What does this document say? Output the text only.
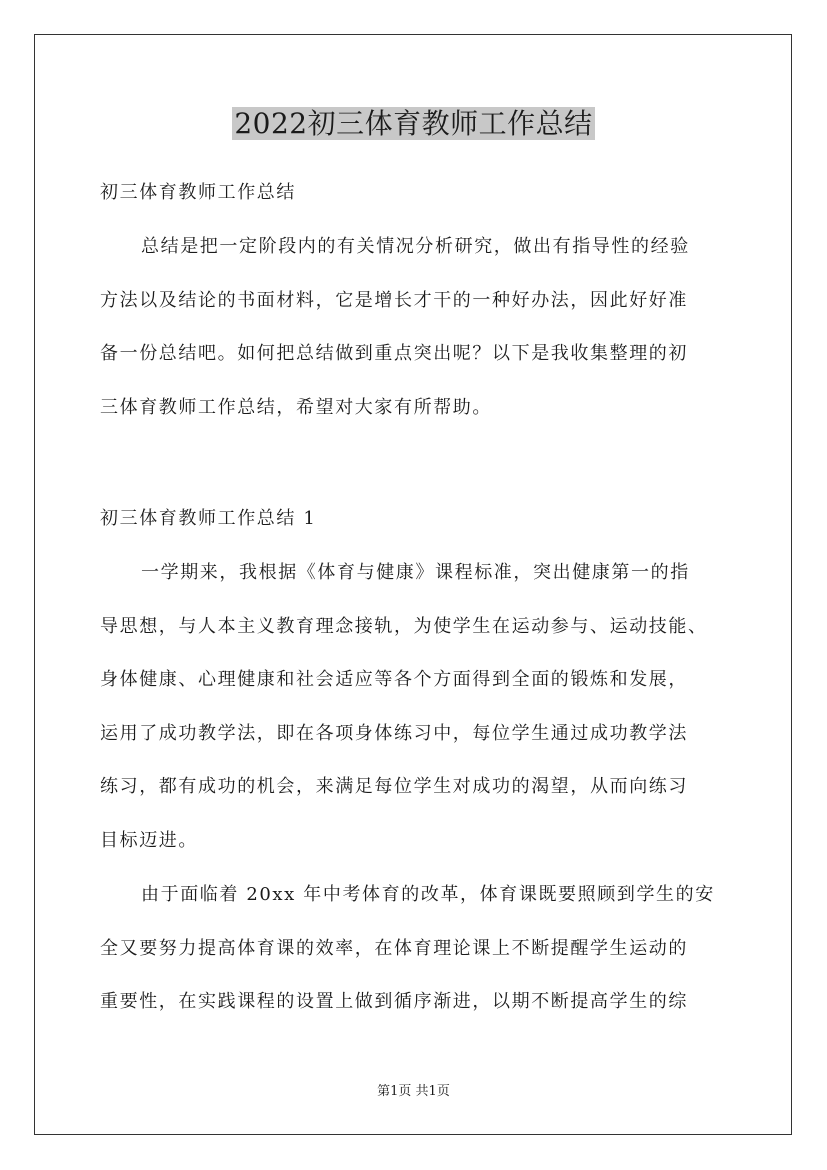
2022初三体育教师工作总结
初三体育教师工作总结
总结是把一定阶段内的有关情况分析研究，做出有指导性的经验
方法以及结论的书面材料，它是增长才干的一种好办法，因此好好准
备一份总结吧。如何把总结做到重点突出呢？以下是我收集整理的初
三体育教师工作总结，希望对大家有所帮助。
初三体育教师工作总结 1
一学期来，我根据《体育与健康》课程标准，突出健康第一的指
导思想，与人本主义教育理念接轨，为使学生在运动参与、运动技能、
身体健康、心理健康和社会适应等各个方面得到全面的锻炼和发展，
运用了成功教学法，即在各项身体练习中，每位学生通过成功教学法
练习，都有成功的机会，来满足每位学生对成功的渴望，从而向练习
目标迈进。
由于面临着 20xx 年中考体育的改革，体育课既要照顾到学生的安
全又要努力提高体育课的效率，在体育理论课上不断提醒学生运动的
重要性，在实践课程的设置上做到循序渐进，以期不断提高学生的综
第1页 共1页
